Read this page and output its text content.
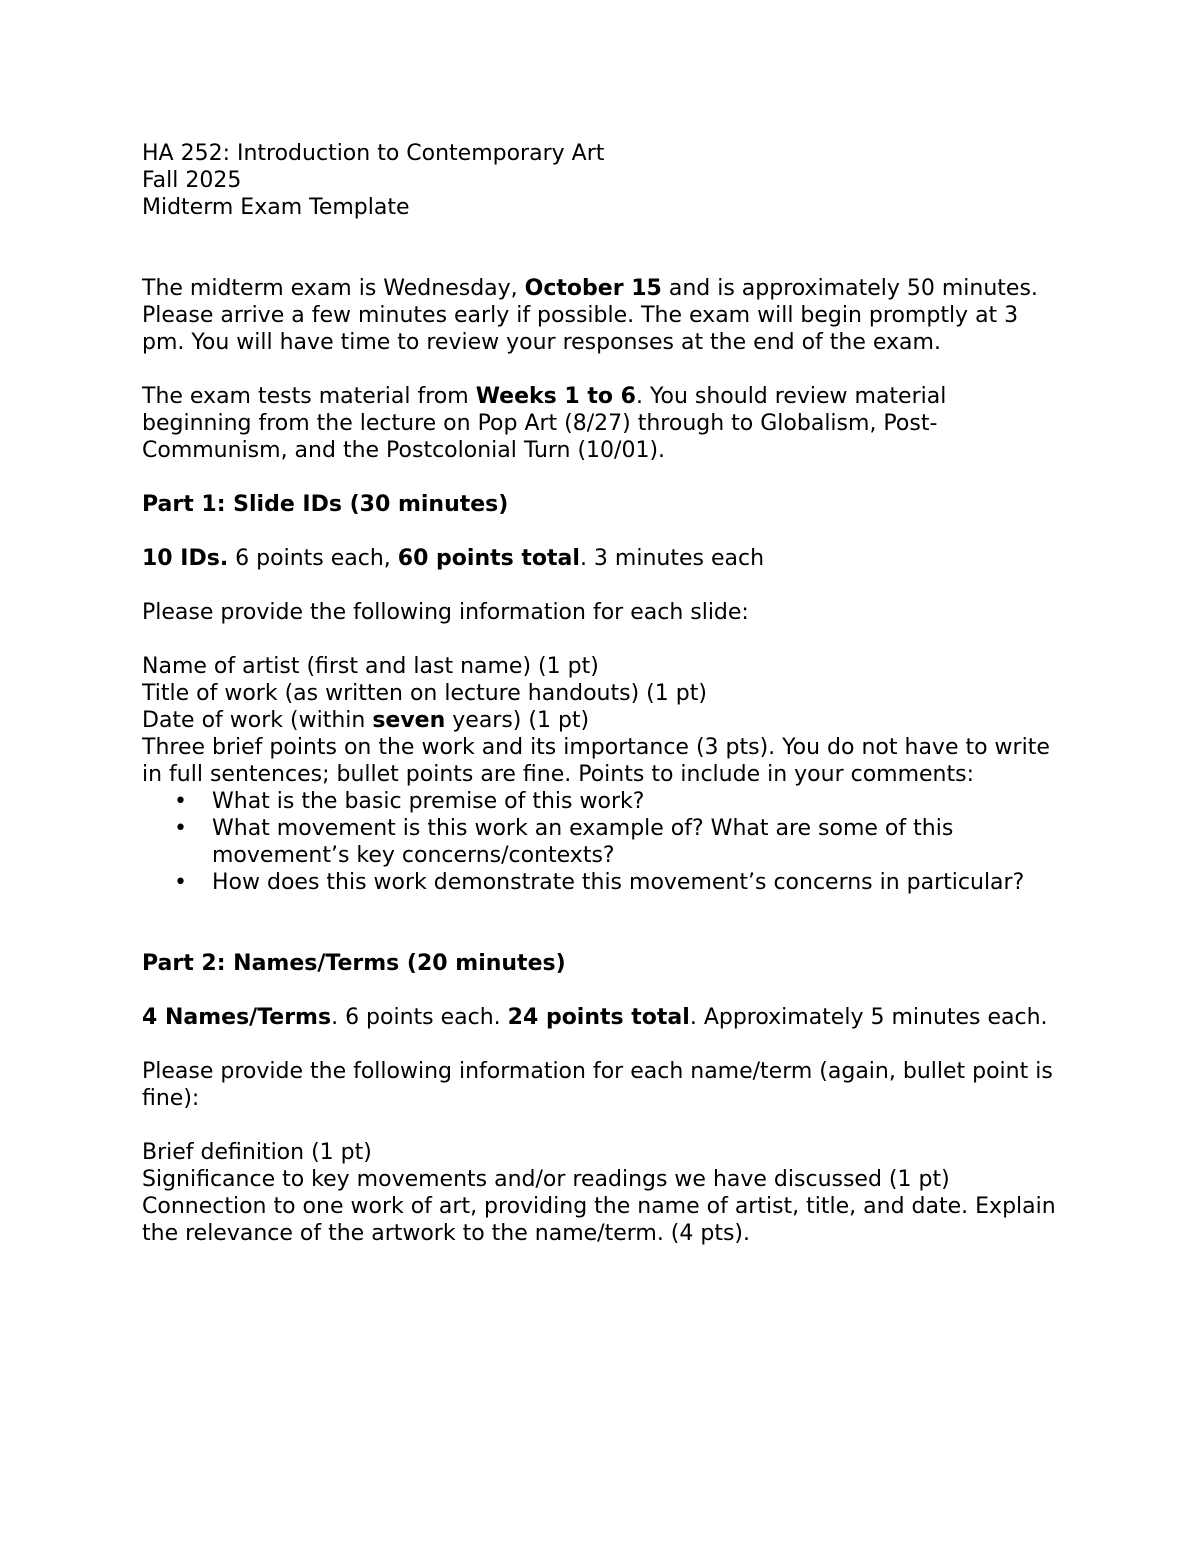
HA 252: Introduction to Contemporary Art
Fall 2025
Midterm Exam Template

The midterm exam is Wednesday, October 15 and is approximately 50 minutes. Please arrive a few minutes early if possible. The exam will begin promptly at 3 pm. You will have time to review your responses at the end of the exam.

The exam tests material from Weeks 1 to 6. You should review material beginning from the lecture on Pop Art (8/27) through to Globalism, Post-Communism, and the Postcolonial Turn (10/01).

Part 1: Slide IDs (30 minutes)

10 IDs. 6 points each, 60 points total. 3 minutes each

Please provide the following information for each slide:

Name of artist (first and last name) (1 pt)
Title of work (as written on lecture handouts) (1 pt)
Date of work (within seven years) (1 pt)
Three brief points on the work and its importance (3 pts). You do not have to write in full sentences; bullet points are fine. Points to include in your comments:
• What is the basic premise of this work?
• What movement is this work an example of? What are some of this movement’s key concerns/contexts?
• How does this work demonstrate this movement’s concerns in particular?

Part 2: Names/Terms (20 minutes)

4 Names/Terms. 6 points each. 24 points total. Approximately 5 minutes each.

Please provide the following information for each name/term (again, bullet point is fine):

Brief definition (1 pt)
Significance to key movements and/or readings we have discussed (1 pt)
Connection to one work of art, providing the name of artist, title, and date. Explain the relevance of the artwork to the name/term. (4 pts).
